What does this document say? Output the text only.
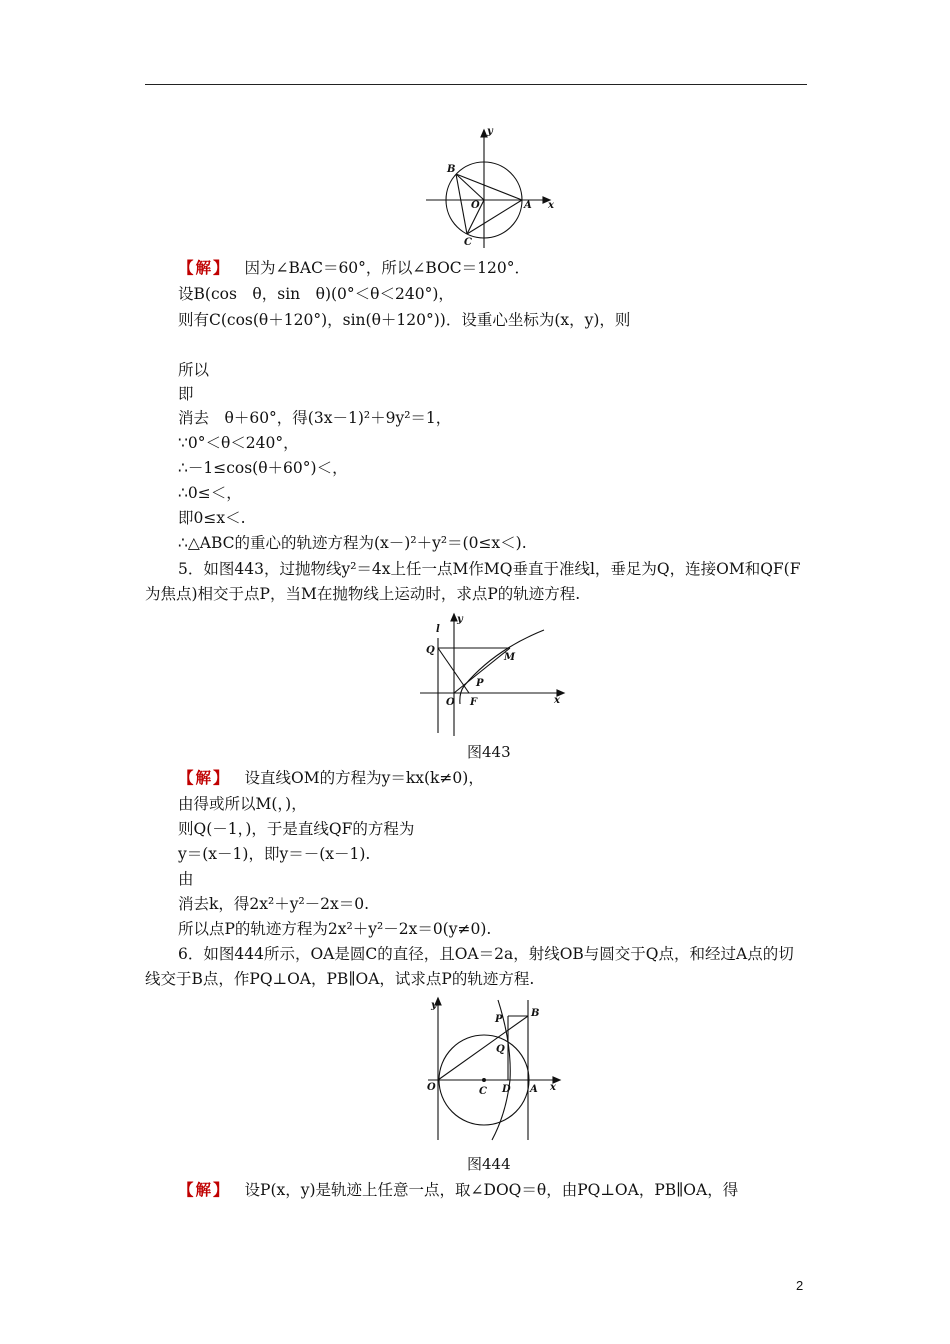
y
x
B
O	A
C
【解】 因为∠BAC＝60°，所以∠BOC＝120°．
设B(cos　θ，sin　θ)(0°＜θ＜240°)，
则有C(cos(θ＋120°)，sin(θ＋120°))．设重心坐标为(x，y)，则
所以
即
消去　θ＋60°，得(3x－1)²＋9y²＝1，
∵0°＜θ＜240°，
∴－1≤cos(θ＋60°)＜，
∴0≤＜，
即0≤x＜.
∴△ABC的重心的轨迹方程为(x－)²＋y²＝(0≤x＜).
5．如图443，过抛物线y²＝4x上任一点M作MQ垂直于准线l，垂足为Q，连接OM和QF(F
为焦点)相交于点P，当M在抛物线上运动时，求点P的轨迹方程.
l
y
Q
M
P
O F	x
图443
【解】 设直线OM的方程为y＝kx(k≠0)，
由得或所以M(，)，
则Q(－1，)，于是直线QF的方程为
y＝(x－1)，即y＝－(x－1).
由
消去k，得2x²＋y²－2x＝0.
所以点P的轨迹方程为2x²＋y²－2x＝0(y≠0).
6．如图444所示，OA是圆C的直径，且OA＝2a，射线OB与圆交于Q点，和经过A点的切
线交于B点，作PQ⊥OA，PB∥OA，试求点P的轨迹方程.
y
P
B
Q
O	C D A x
图444
【解】 设P(x，y)是轨迹上任意一点，取∠DOQ＝θ，由PQ⊥OA，PB∥OA，得
2
